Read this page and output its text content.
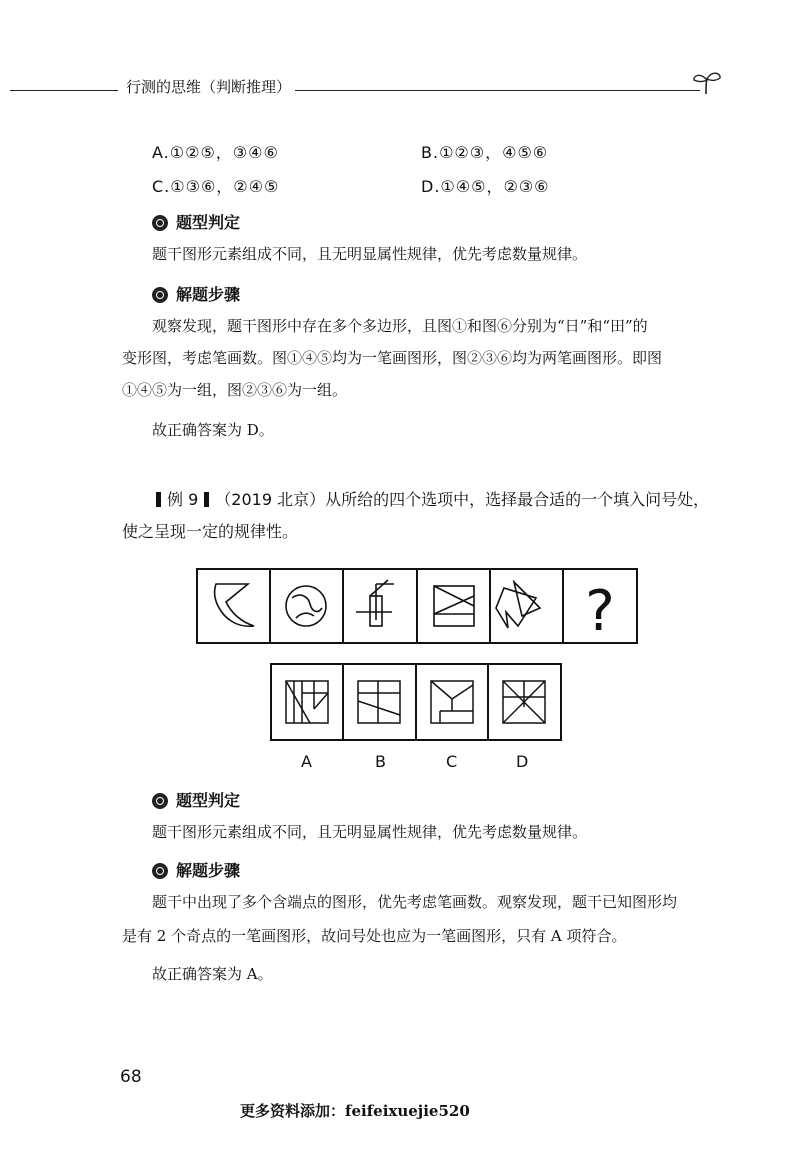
行测的思维（判断推理）
A.①②⑤，③④⑥	B.①②③，④⑤⑥
C.①③⑥，②④⑤	D.①④⑤，②③⑥
题型判定
题干图形元素组成不同，且无明显属性规律，优先考虑数量规律。
解题步骤
观察发现，题干图形中存在多个多边形，且图①和图⑥分别为“日”和“田”的
变形图，考虑笔画数。图①④⑤均为一笔画图形，图②③⑥均为两笔画图形。即图
①④⑤为一组，图②③⑥为一组。
故正确答案为 D。
例 9 （2019 北京）从所给的四个选项中，选择最合适的一个填入问号处，
使之呈现一定的规律性。
?
A	B	C	D
题型判定
题干图形元素组成不同，且无明显属性规律，优先考虑数量规律。
解题步骤
题干中出现了多个含端点的图形，优先考虑笔画数。观察发现，题干已知图形均
是有 2 个奇点的一笔画图形，故问号处也应为一笔画图形，只有 A 项符合。
故正确答案为 A。
68
更多资料添加：feifeixuejie520
